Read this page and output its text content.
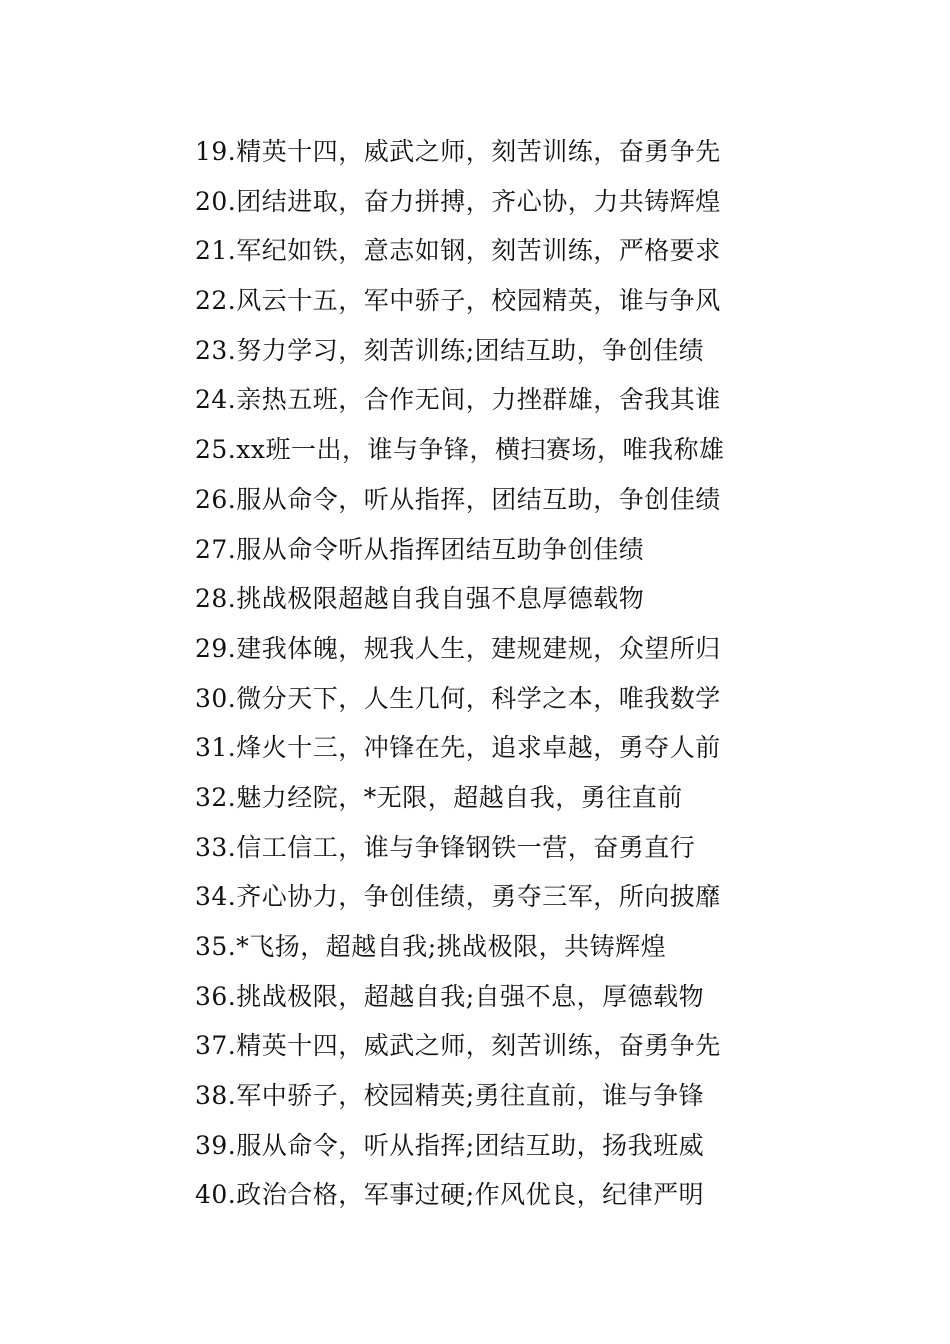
19.精英十四，威武之师，刻苦训练，奋勇争先
20.团结进取，奋力拼搏，齐心协，力共铸辉煌
21.军纪如铁，意志如钢，刻苦训练，严格要求
22.风云十五，军中骄子，校园精英，谁与争风
23.努力学习，刻苦训练;团结互助，争创佳绩
24.亲热五班，合作无间，力挫群雄，舍我其谁
25.xx班一出，谁与争锋，横扫赛场，唯我称雄
26.服从命令，听从指挥，团结互助，争创佳绩
27.服从命令听从指挥团结互助争创佳绩
28.挑战极限超越自我自强不息厚德载物
29.建我体魄，规我人生，建规建规，众望所归
30.微分天下，人生几何，科学之本，唯我数学
31.烽火十三，冲锋在先，追求卓越，勇夺人前
32.魅力经院，*无限，超越自我，勇往直前
33.信工信工，谁与争锋钢铁一营，奋勇直行
34.齐心协力，争创佳绩，勇夺三军，所向披靡
35.*飞扬，超越自我;挑战极限，共铸辉煌
36.挑战极限，超越自我;自强不息，厚德载物
37.精英十四，威武之师，刻苦训练，奋勇争先
38.军中骄子，校园精英;勇往直前，谁与争锋
39.服从命令，听从指挥;团结互助，扬我班威
40.政治合格，军事过硬;作风优良，纪律严明
